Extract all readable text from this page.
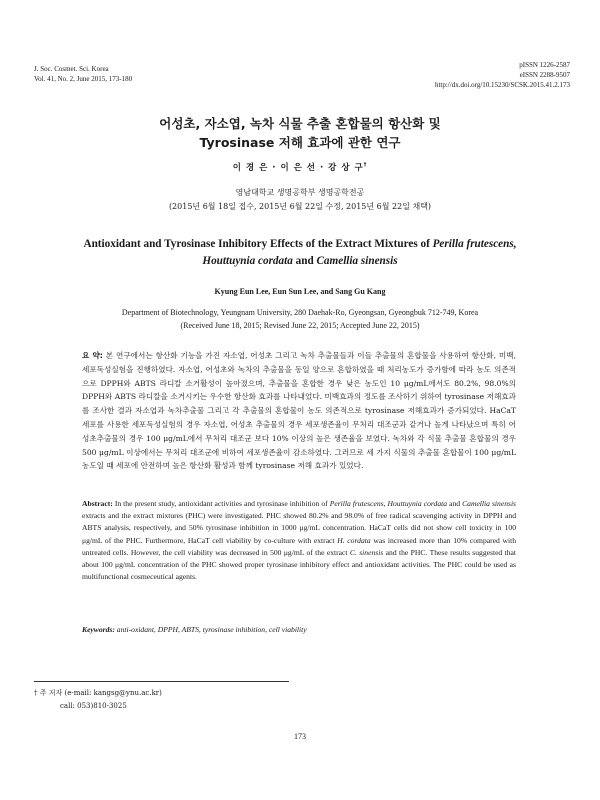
J. Soc. Cosmet. Sci. Korea
Vol. 41, No. 2, June 2015, 173-180
pISSN 1226-2587
eISSN 2288-9507
http://dx.doi.org/10.15230/SCSK.2015.41.2.173
어성초, 자소엽, 녹차 식물 추출 혼합물의 항산화 및
Tyrosinase 저해 효과에 관한 연구
이 경 은 · 이 은 선 · 강 상 구†
영남대학교 생명공학부 생명공학전공
(2015년 6월 18일 접수, 2015년 6월 22일 수정, 2015년 6월 22일 채택)
Antioxidant and Tyrosinase Inhibitory Effects of the Extract Mixtures of Perilla frutescens,
Houttuynia cordata and Camellia sinensis
Kyung Eun Lee, Eun Sun Lee, and Sang Gu Kang
Department of Biotechnology, Yeungnam University, 280 Daehak-Ro, Gyeongsan, Gyeongbuk 712-749, Korea
(Received June 18, 2015; Revised June 22, 2015; Accepted June 22, 2015)
요 약: 본 연구에서는 항산화 기능을 가진 자소엽, 어성초 그리고 녹차 추출물들과 이들 추출물의 혼합물을 사용하여 항산화, 미백, 세포독성실험을 진행하였다. 자소엽, 어성초와 녹차의 추출물을 동일 양으로 혼합하였을 때 처리농도가 증가함에 따라 농도 의존적으로 DPPH와 ABTS 라디칼 소거활성이 높아졌으며, 추출물을 혼합한 경우 낮은 농도인 10 μg/mL에서도 80.2%, 98.0%의 DPPH와 ABTS 라디칼을 소거시키는 우수한 항산화 효과를 나타내었다. 미백효과의 정도를 조사하기 위하여 tyrosinase 저해효과를 조사한 결과 자소엽과 녹차추출물 그리고 각 추출물의 혼합물이 농도 의존적으로 tyrosinase 저해효과가 증가되었다. HaCaT 세포를 사용한 세포독성실험의 경우 자소엽, 어성초 추출물의 경우 세포생존율이 무처리 대조군과 같거나 높게 나타났으며 특히 어성초추출물의 경우 100 μg/mL에서 무처리 대조군 보다 10% 이상의 높은 생존율을 보였다. 녹차와 각 식물 추출물 혼합물의 경우 500 μg/mL 이상에서는 무처리 대조군에 비하여 세포생존율이 감소하였다. 그러므로 세 가지 식물의 추출물 혼합물이 100 μg/mL 농도일 때 세포에 안전하며 높은 항산화 활성과 함께 tyrosinase 저해 효과가 있었다.
Abstract: In the present study, antioxidant activities and tyrosinase inhibition of Perilla frutescens, Houttuynia cordata and Camellia sinensis extracts and the extract mixtures (PHC) were investigated. PHC showed 80.2% and 98.0% of free radical scavenging activity in DPPH and ABTS analysis, respectively, and 50% tyrosinase inhibition in 1000 μg/mL concentration. HaCaT cells did not show cell toxicity in 100 μg/mL of the PHC. Furthermore, HaCaT cell viability by co-culture with extract H. cordata was increased more than 10% compared with untreated cells. However, the cell viability was decreased in 500 μg/mL of the extract C. sinensis and the PHC. These results suggested that about 100 μg/mL concentration of the PHC showed proper tyrosinase inhibitory effect and antioxidant activities. The PHC could be used as multifunctional cosmeceutical agents.
Keywords: anti-oxidant, DPPH, ABTS, tyrosinase inhibition, cell viability
† 주 저자 (e-mail: kangsg@ynu.ac.kr)
call: 053)810-3025
173
